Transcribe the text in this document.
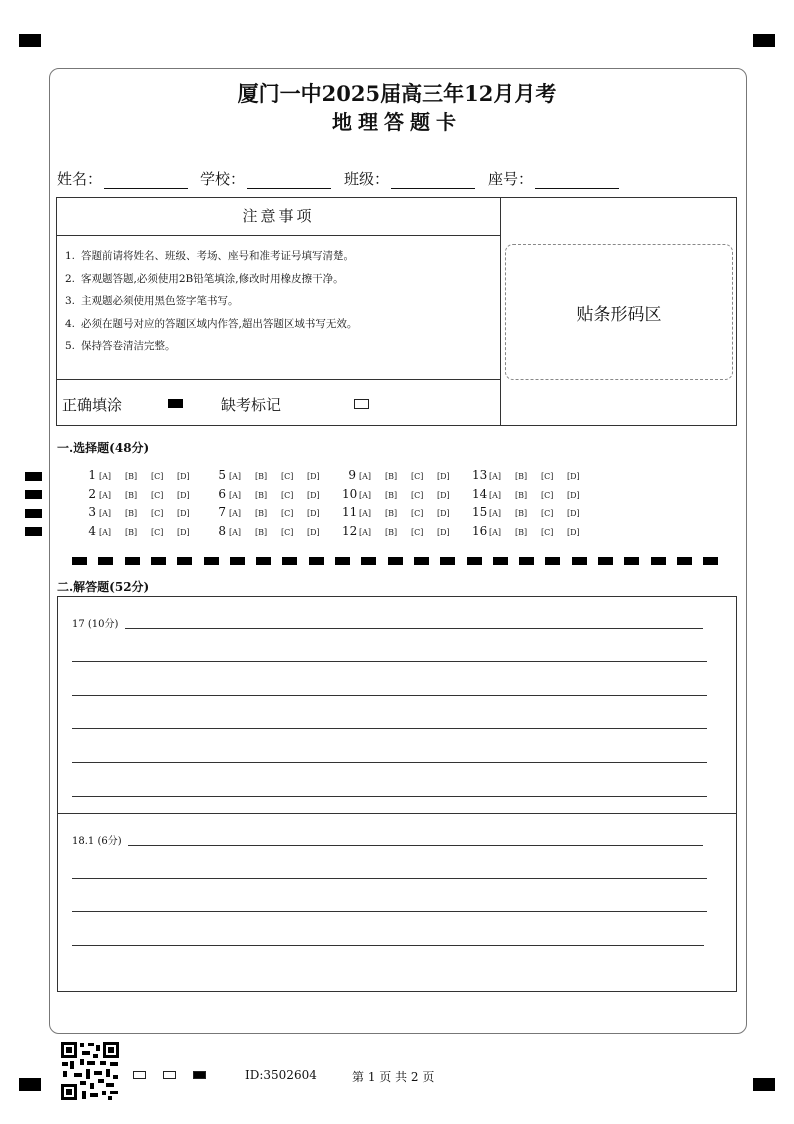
厦门一中2025届高三年12月月考
地理答题卡
姓名：	学校：	班级：	座号：
注意事项
1. 答题前请将姓名、班级、考场、座号和准考证号填写清楚。
2. 客观题答题,必须使用2B铅笔填涂,修改时用橡皮擦干净。
3. 主观题必须使用黑色签字笔书写。
4. 必须在题号对应的答题区域内作答,超出答题区域书写无效。
5. 保持答卷清洁完整。
正确填涂	缺考标记
贴条形码区
一.选择题(48分)
1 [A] [B] [C] [D]
2 [A] [B] [C] [D]
3 [A] [B] [C] [D]
4 [A] [B] [C] [D]
5 [A] [B] [C] [D]
6 [A] [B] [C] [D]
7 [A] [B] [C] [D]
8 [A] [B] [C] [D]
9 [A] [B] [C] [D]
10 [A] [B] [C] [D]
11 [A] [B] [C] [D]
12 [A] [B] [C] [D]
13 [A] [B] [C] [D]
14 [A] [B] [C] [D]
15 [A] [B] [C] [D]
16 [A] [B] [C] [D]
二.解答题(52分)
17 (10分)
18.1 (6分)
ID:3502604	第 1 页 共 2 页
